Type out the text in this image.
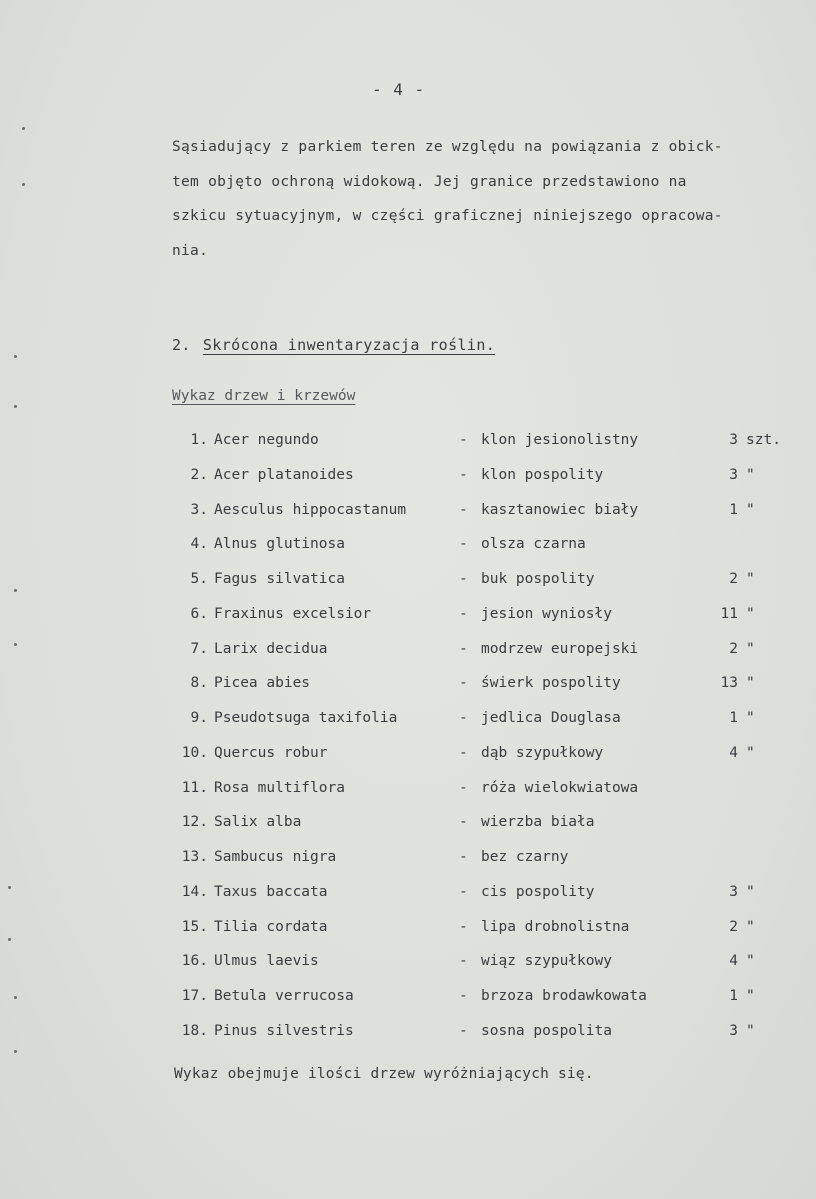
- 4 -
Sąsiadujący z parkiem teren ze względu na powiązania z obick-
tem objęto ochroną widokową. Jej granice przedstawiono na
szkicu sytuacyjnym, w części graficznej niniejszego opracowa-
nia.
2. Skrócona inwentaryzacja roślin.
Wykaz drzew i krzewów
1. Acer negundo	- klon jesionolistny	3 szt.
2. Acer platanoides	- klon pospolity	3 "
3. Aesculus hippocastanum	- kasztanowiec biały	1 "
4. Alnus glutinosa	- olsza czarna
5. Fagus silvatica	- buk pospolity	2 "
6. Fraxinus excelsior	- jesion wyniosły	11 "
7. Larix decidua	- modrzew europejski	2 "
8. Picea abies	- świerk pospolity	13 "
9. Pseudotsuga taxifolia	- jedlica Douglasa	1 "
10. Quercus robur	- dąb szypułkowy	4 "
11. Rosa multiflora	- róża wielokwiatowa
12. Salix alba	- wierzba biała
13. Sambucus nigra	- bez czarny
14. Taxus baccata	- cis pospolity	3 "
15. Tilia cordata	- lipa drobnolistna	2 "
16. Ulmus laevis	- wiąz szypułkowy	4 "
17. Betula verrucosa	- brzoza brodawkowata	1 "
18. Pinus silvestris	- sosna pospolita	3 "
Wykaz obejmuje ilości drzew wyróżniających się.
